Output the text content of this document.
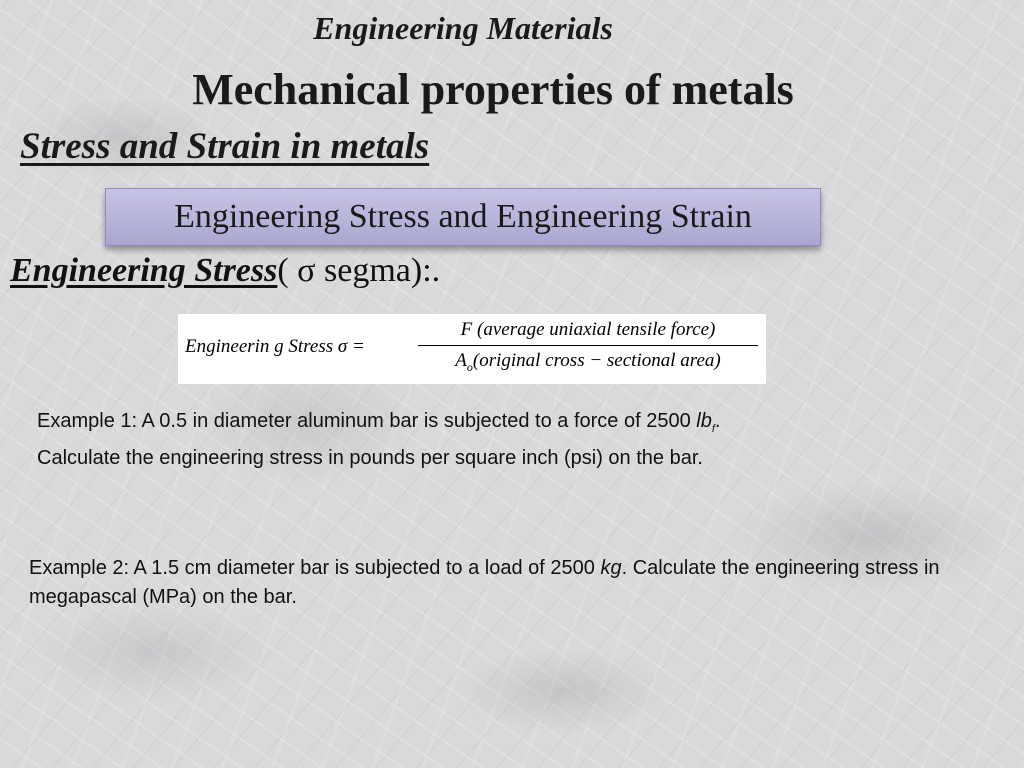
Engineering Materials
Mechanical properties of metals
Stress and Strain in metals
Engineering Stress and Engineering Strain
Engineering Stress( σ segma):.
Engineerin g Stress σ =
F (average uniaxial tensile force)
$A_o(original$ cross − sectional area)
Example 1: A 0.5 in diameter aluminum bar is subjected to a force of 2500 $lb_f$.
Calculate the engineering stress in pounds per square inch (psi) on the bar.
Example 2: A 1.5 cm diameter bar is subjected to a load of 2500 kg. Calculate the engineering stress in megapascal (MPa) on the bar.
